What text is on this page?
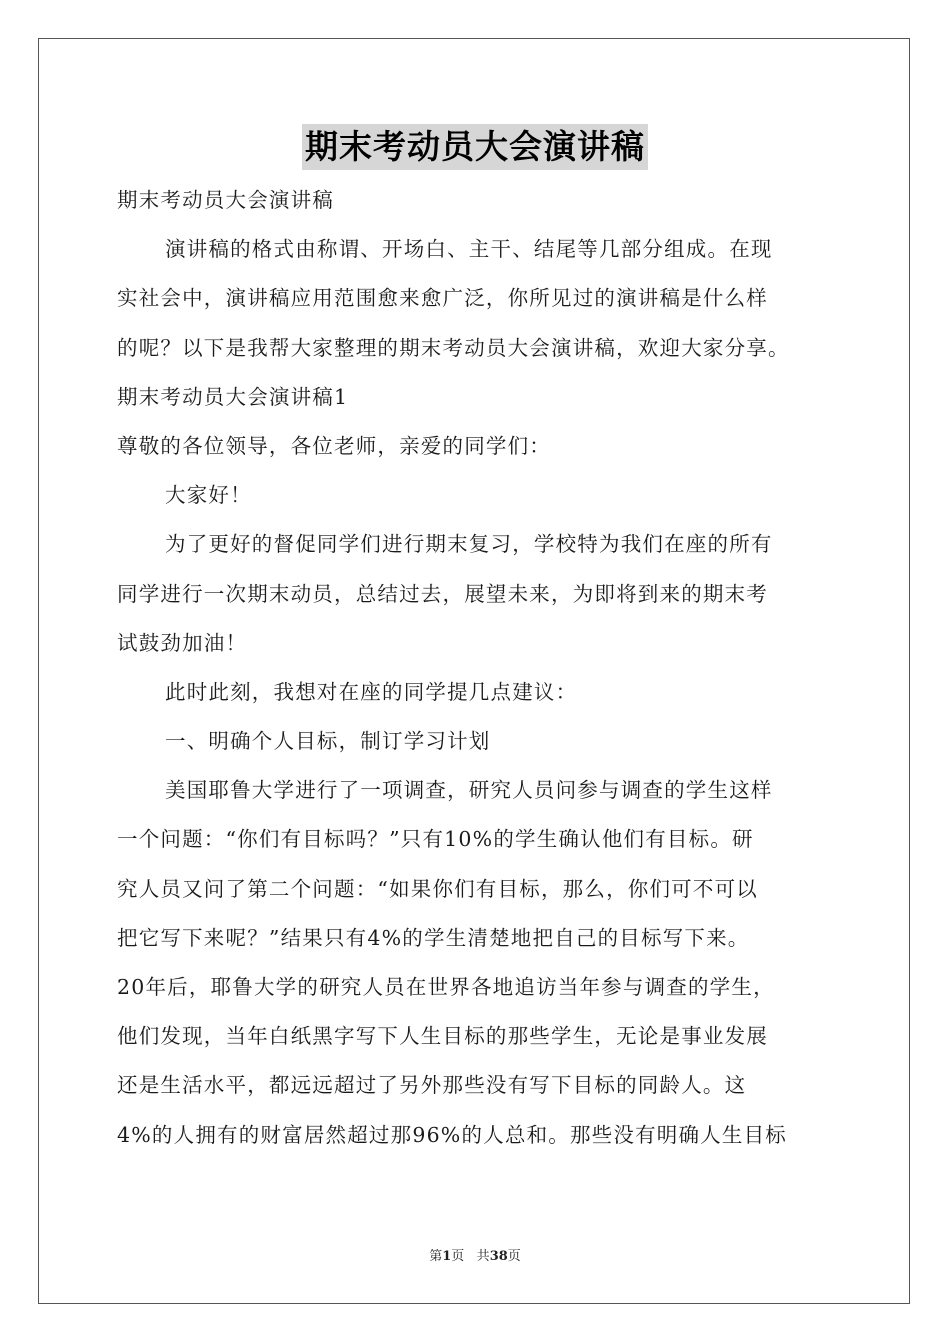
期末考动员大会演讲稿
期末考动员大会演讲稿
演讲稿的格式由称谓、开场白、主干、结尾等几部分组成。在现
实社会中，演讲稿应用范围愈来愈广泛，你所见过的演讲稿是什么样
的呢？以下是我帮大家整理的期末考动员大会演讲稿，欢迎大家分享。
期末考动员大会演讲稿1
尊敬的各位领导，各位老师，亲爱的同学们：
大家好！
为了更好的督促同学们进行期末复习，学校特为我们在座的所有
同学进行一次期末动员，总结过去，展望未来，为即将到来的期末考
试鼓劲加油！
此时此刻，我想对在座的同学提几点建议：
一、明确个人目标，制订学习计划
美国耶鲁大学进行了一项调查，研究人员问参与调查的学生这样
一个问题：“你们有目标吗？”只有10%的学生确认他们有目标。研
究人员又问了第二个问题：“如果你们有目标，那么，你们可不可以
把它写下来呢？”结果只有4%的学生清楚地把自己的目标写下来。
20年后，耶鲁大学的研究人员在世界各地追访当年参与调查的学生，
他们发现，当年白纸黑字写下人生目标的那些学生，无论是事业发展
还是生活水平，都远远超过了另外那些没有写下目标的同龄人。这
4%的人拥有的财富居然超过那96%的人总和。那些没有明确人生目标
第1页 共38页
